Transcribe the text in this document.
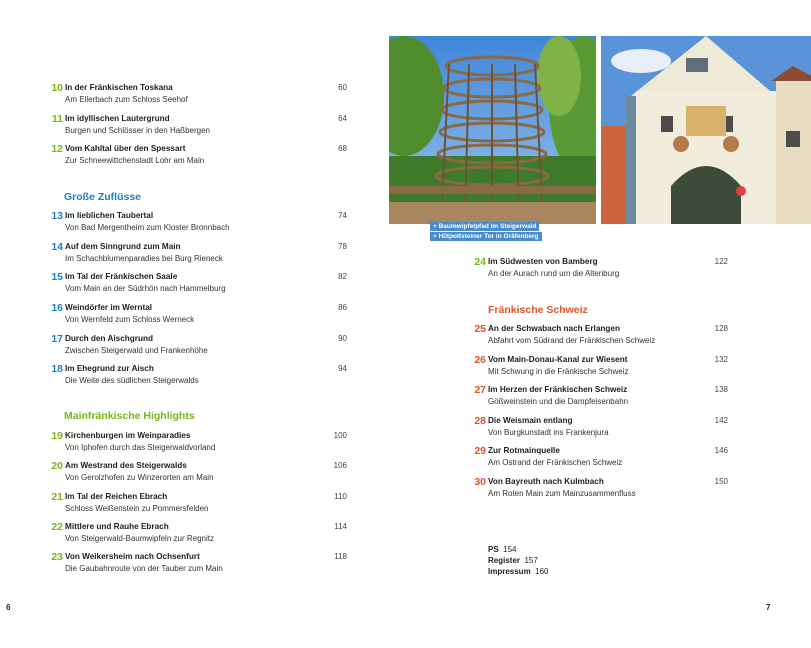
Große Zuflüsse
Mainfränkische Highlights
Fränkische Schweiz
10 In der Fränkischen Toskana
Am Ellerbach zum Schloss Seehof
60
11 Im idyllischen Lautergrund
Burgen und Schlösser in den Haßbergen
64
12 Vom Kahltal über den Spessart
Zur Schneewittchenstadt Lohr am Main
68
13 Im lieblichen Taubertal
Von Bad Mergentheim zum Kloster Bronnbach
74
14 Auf dem Sinngrund zum Main
Im Schachblumenparadies bei Burg Rieneck
78
15 Im Tal der Fränkischen Saale
Vom Main an der Südrhön nach Hammelburg
82
16 Weindörfer im Werntal
Von Wernfeld zum Schloss Werneck
86
17 Durch den Aischgrund
Zwischen Steigerwald und Frankenhöhe
90
18 Im Ehegrund zur Aisch
Die Weite des südlichen Steigerwalds
94
19 Kirchenburgen im Weinparadies
Von Iphofen durch das Steigerwaldvorland
100
20 Am Westrand des Steigerwalds
Von Gerolzhofen zu Winzerorten am Main
106
21 Im Tal der Reichen Ebrach
Schloss Weißenstein zu Pommersfelden
110
22 Mittlere und Rauhe Ebrach
Von Steigerwald-Baumwipfeln zur Regnitz
114
23 Von Weikersheim nach Ochsenfurt
Die Gaubahnroute von der Tauber zum Main
118
24 Im Südwesten von Bamberg
An der Aurach rund um die Altenburg
122
25 An der Schwabach nach Erlangen
Abfahrt vom Südrand der Fränkischen Schweiz
128
26 Vom Main-Donau-Kanal zur Wiesent
Mit Schwung in die Fränkische Schweiz
132
27 Im Herzen der Fränkischen Schweiz
Gößweinstein und die Dampfeisenbahn
138
28 Die Weismain entlang
Von Burgkunstadt ins Frankenjura
142
29 Zur Rotmainquelle
Am Ostrand der Fränkischen Schweiz
146
30 Von Bayreuth nach Kulmbach
Am Roten Main zum Mainzusammenfluss
150
+ Baumwipfelpfad im Steigerwald
+ Hiltpoltsteiner Tor in Gräfenberg
PS 154
Register 157
Impressum 160
6	7
